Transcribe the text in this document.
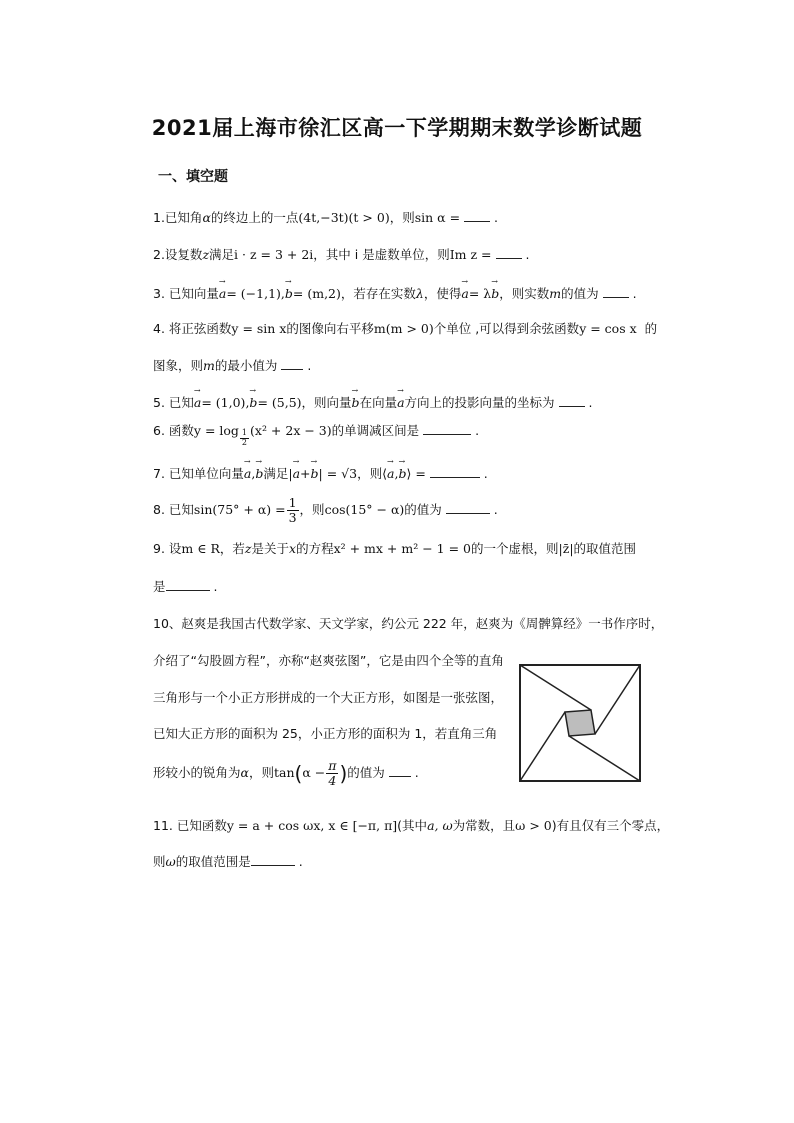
2021届上海市徐汇区高一下学期期末数学诊断试题
一、填空题
1.已知角α的终边上的一点(4t,−3t)(t > 0)，则sin α =	.
2.设复数z满足i · z = 3 + 2i，其中 i 是虚数单位，则Im z =	.
3. 已知向量→ a= (−1,1),→ b= (m,2)，若存在实数λ，使得→ a= λ→ b，则实数m的值为	.
4. 将正弦函数y = sin x的图像向右平移m(m > 0)个单位 ,可以得到余弦函数y = cos x 的
图象，则m的最小值为 .
5. 已知→ a= (1,0),→ b= (5,5)，则向量→ b在向量→ a方向上的投影向量的坐标为	.
6. 函数$y = \log \frac{1}{2} (x^2 + 2x - 3)$的单调减区间是	.
7. 已知单位向量→ a,→ b满足|→ a+→ b| = √3，则⟨→ a,→ b⟩ =	.
8. 已知$\sin(75^\circ + \alpha) = \frac{1}{3}$ ，则cos(15° − α)的值为	.
9. 设m ∈ R，若z是关于x的方程x² + mx + m² − 1 = 0的一个虚根，则|z̄|的取值范围
是	.
10、赵爽是我国古代数学家、天文学家，约公元 222 年，赵爽为《周髀算经》一书作序时，
介绍了“勾股圆方程”，亦称“赵爽弦图”，它是由四个全等的直角
三角形与一个小正方形拼成的一个大正方形，如图是一张弦图，
已知大正方形的面积为 25，小正方形的面积为 1，若直角三角
形较小的锐角为α，则$\tan(\alpha - \frac{\pi}{4}$ )的值为 .
11. 已知函数y = a + cos ωx, x ∈ [−π, π](其中a, ω为常数，且ω > 0)有且仅有三个零点，
则ω的取值范围是	.
